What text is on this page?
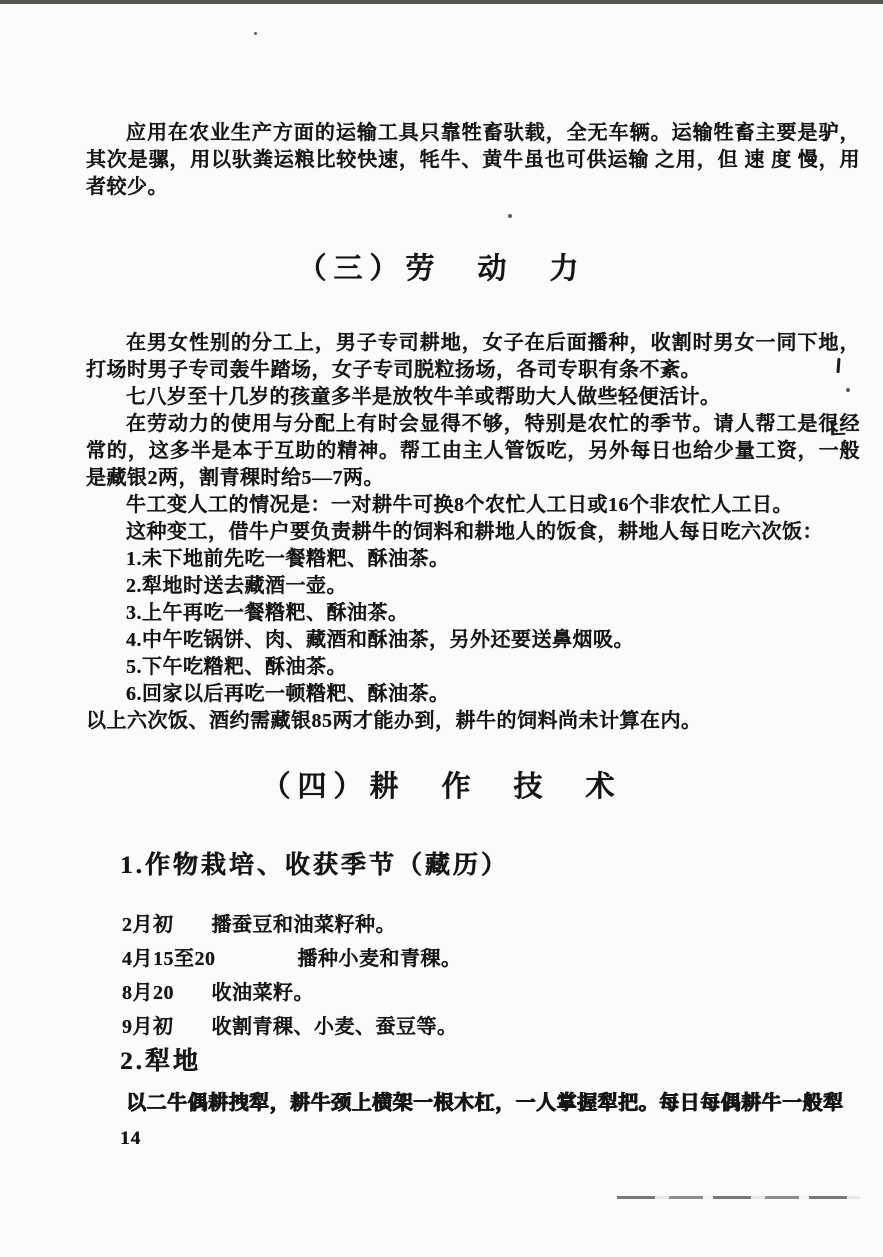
应用在农业生产方面的运输工具只靠牲畜驮载，全无车辆。运输牲畜主要是驴，其次是骡，用以驮粪运粮比较快速，牦牛、黄牛虽也可供运输 之用，但 速 度 慢，用者较少。

（三）劳　动　力

在男女性别的分工上，男子专司耕地，女子在后面播种，收割时男女一同下地，打场时男子专司轰牛踏场，女子专司脱粒扬场，各司专职有条不紊。

七八岁至十几岁的孩童多半是放牧牛羊或帮助大人做些轻便活计。

在劳动力的使用与分配上有时会显得不够，特别是农忙的季节。请人帮工是很经常的，这多半是本于互助的精神。帮工由主人管饭吃，另外每日也给少量工资，一般是藏银2两，割青稞时给5—7两。

牛工变人工的情况是：一对耕牛可换8个农忙人工日或16个非农忙人工日。

这种变工，借牛户要负责耕牛的饲料和耕地人的饭食，耕地人每日吃六次饭：

1.未下地前先吃一餐糌粑、酥油茶。

2.犁地时送去藏酒一壶。

3.上午再吃一餐糌粑、酥油茶。

4.中午吃锅饼、肉、藏酒和酥油茶，另外还要送鼻烟吸。

5.下午吃糌粑、酥油茶。

6.回家以后再吃一顿糌粑、酥油茶。

以上六次饭、酒约需藏银85两才能办到，耕牛的饲料尚未计算在内。

（四）耕　作　技　术
1.作物栽培、收获季节（藏历）
2月初 播蚕豆和油菜籽种。
4月15至20	播种小麦和青稞。
8月20 收油菜籽。
9月初 收割青稞、小麦、蚕豆等。
2.犁地

以二牛偶耕拽犁，耕牛颈上横架一根木杠，一人掌握犁把。每日每偶耕牛一般犁

14
